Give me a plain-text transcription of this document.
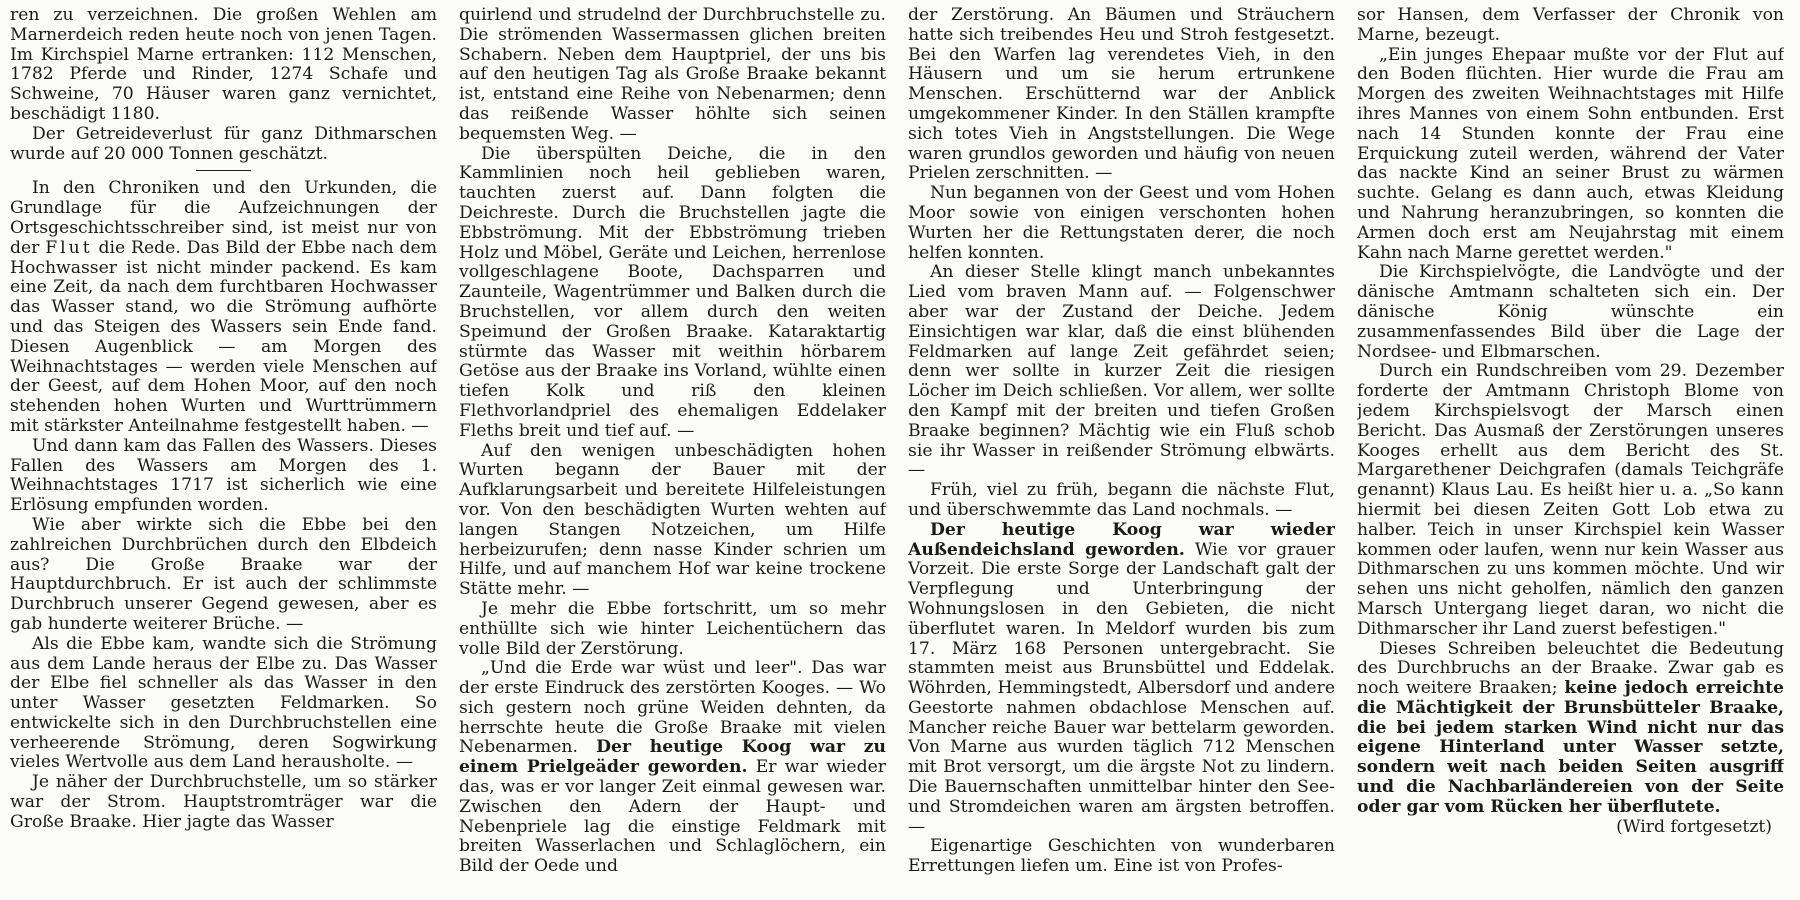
ren zu verzeichnen. Die großen Wehlen am Marnerdeich reden heute noch von jenen Tagen. Im Kirchspiel Marne ertranken: 112 Menschen, 1782 Pferde und Rinder, 1274 Schafe und Schweine, 70 Häuser waren ganz vernichtet, beschädigt 1180.

Der Getreideverlust für ganz Dithmarschen wurde auf 20 000 Tonnen geschätzt.

In den Chroniken und den Urkunden, die Grundlage für die Aufzeichnungen der Ortsgeschichtsschreiber sind, ist meist nur von der Flut die Rede. Das Bild der Ebbe nach dem Hochwasser ist nicht minder packend. Es kam eine Zeit, da nach dem furchtbaren Hochwasser das Wasser stand, wo die Strömung aufhörte und das Steigen des Wassers sein Ende fand. Diesen Augenblick — am Morgen des Weihnachtstages — werden viele Menschen auf der Geest, auf dem Hohen Moor, auf den noch stehenden hohen Wurten und Wurttrümmern mit stärkster Anteilnahme festgestellt haben. —

Und dann kam das Fallen des Wassers. Dieses Fallen des Wassers am Morgen des 1. Weihnachtstages 1717 ist sicherlich wie eine Erlösung empfunden worden.

Wie aber wirkte sich die Ebbe bei den zahlreichen Durchbrüchen durch den Elbdeich aus? Die Große Braake war der Hauptdurchbruch. Er ist auch der schlimmste Durchbruch unserer Gegend gewesen, aber es gab hunderte weiterer Brüche. —

Als die Ebbe kam, wandte sich die Strömung aus dem Lande heraus der Elbe zu. Das Wasser der Elbe fiel schneller als das Wasser in den unter Wasser gesetzten Feldmarken. So entwickelte sich in den Durchbruchstellen eine verheerende Strömung, deren Sogwirkung vieles Wertvolle aus dem Land herausholte. —

Je näher der Durchbruchstelle, um so stärker war der Strom. Hauptstromträger war die Große Braake. Hier jagte das Wasser

quirlend und strudelnd der Durchbruchstelle zu. Die strömenden Wassermassen glichen breiten Schabern. Neben dem Hauptpriel, der uns bis auf den heutigen Tag als Große Braake bekannt ist, entstand eine Reihe von Nebenarmen; denn das reißende Wasser höhlte sich seinen bequemsten Weg. —

Die überspülten Deiche, die in den Kammlinien noch heil geblieben waren, tauchten zuerst auf. Dann folgten die Deichreste. Durch die Bruchstellen jagte die Ebbströmung. Mit der Ebbströmung trieben Holz und Möbel, Geräte und Leichen, herrenlose vollgeschlagene Boote, Dachsparren und Zaunteile, Wagentrümmer und Balken durch die Bruchstellen, vor allem durch den weiten Speimund der Großen Braake. Kataraktartig stürmte das Wasser mit weithin hörbarem Getöse aus der Braake ins Vorland, wühlte einen tiefen Kolk und riß den kleinen Flethvorlandpriel des ehemaligen Eddelaker Fleths breit und tief auf. —

Auf den wenigen unbeschädigten hohen Wurten begann der Bauer mit der Aufklarungsarbeit und bereitete Hilfeleistungen vor. Von den beschädigten Wurten wehten auf langen Stangen Notzeichen, um Hilfe herbeizurufen; denn nasse Kinder schrien um Hilfe, und auf manchem Hof war keine trockene Stätte mehr. —

Je mehr die Ebbe fortschritt, um so mehr enthüllte sich wie hinter Leichentüchern das volle Bild der Zerstörung.

„Und die Erde war wüst und leer". Das war der erste Eindruck des zerstörten Kooges. — Wo sich gestern noch grüne Weiden dehnten, da herrschte heute die Große Braake mit vielen Nebenarmen. Der heutige Koog war zu einem Prielgeäder geworden. Er war wieder das, was er vor langer Zeit einmal gewesen war. Zwischen den Adern der Haupt- und Nebenpriele lag die einstige Feldmark mit breiten Wasserlachen und Schlaglöchern, ein Bild der Oede und

der Zerstörung. An Bäumen und Sträuchern hatte sich treibendes Heu und Stroh festgesetzt. Bei den Warfen lag verendetes Vieh, in den Häusern und um sie herum ertrunkene Menschen. Erschütternd war der Anblick umgekommener Kinder. In den Ställen krampfte sich totes Vieh in Angststellungen. Die Wege waren grundlos geworden und häufig von neuen Prielen zerschnitten. —

Nun begannen von der Geest und vom Hohen Moor sowie von einigen verschonten hohen Wurten her die Rettungstaten derer, die noch helfen konnten.

An dieser Stelle klingt manch unbekanntes Lied vom braven Mann auf. — Folgenschwer aber war der Zustand der Deiche. Jedem Einsichtigen war klar, daß die einst blühenden Feldmarken auf lange Zeit gefährdet seien; denn wer sollte in kurzer Zeit die riesigen Löcher im Deich schließen. Vor allem, wer sollte den Kampf mit der breiten und tiefen Großen Braake beginnen? Mächtig wie ein Fluß schob sie ihr Wasser in reißender Strömung elbwärts. —

Früh, viel zu früh, begann die nächste Flut, und überschwemmte das Land nochmals. —

Der heutige Koog war wieder Außendeichsland geworden. Wie vor grauer Vorzeit. Die erste Sorge der Landschaft galt der Verpflegung und Unterbringung der Wohnungslosen in den Gebieten, die nicht überflutet waren. In Meldorf wurden bis zum 17. März 168 Personen untergebracht. Sie stammten meist aus Brunsbüttel und Eddelak. Wöhrden, Hemmingstedt, Albersdorf und andere Geestorte nahmen obdachlose Menschen auf. Mancher reiche Bauer war bettelarm geworden. Von Marne aus wurden täglich 712 Menschen mit Brot versorgt, um die ärgste Not zu lindern. Die Bauernschaften unmittelbar hinter den See- und Stromdeichen waren am ärgsten betroffen. —

Eigenartige Geschichten von wunderbaren Errettungen liefen um. Eine ist von Profes-

sor Hansen, dem Verfasser der Chronik von Marne, bezeugt.

„Ein junges Ehepaar mußte vor der Flut auf den Boden flüchten. Hier wurde die Frau am Morgen des zweiten Weihnachtstages mit Hilfe ihres Mannes von einem Sohn entbunden. Erst nach 14 Stunden konnte der Frau eine Erquickung zuteil werden, während der Vater das nackte Kind an seiner Brust zu wärmen suchte. Gelang es dann auch, etwas Kleidung und Nahrung heranzubringen, so konnten die Armen doch erst am Neujahrstag mit einem Kahn nach Marne gerettet werden."

Die Kirchspielvögte, die Landvögte und der dänische Amtmann schalteten sich ein. Der dänische König wünschte ein zusammenfassendes Bild über die Lage der Nordsee- und Elbmarschen.

Durch ein Rundschreiben vom 29. Dezember forderte der Amtmann Christoph Blome von jedem Kirchspielsvogt der Marsch einen Bericht. Das Ausmaß der Zerstörungen unseres Kooges erhellt aus dem Bericht des St. Margarethener Deichgrafen (damals Teichgräfe genannt) Klaus Lau. Es heißt hier u. a. „So kann hiermit bei diesen Zeiten Gott Lob etwa zu halber. Teich in unser Kirchspiel kein Wasser kommen oder laufen, wenn nur kein Wasser aus Dithmarschen zu uns kommen möchte. Und wir sehen uns nicht geholfen, nämlich den ganzen Marsch Untergang lieget daran, wo nicht die Dithmarscher ihr Land zuerst befestigen."

Dieses Schreiben beleuchtet die Bedeutung des Durchbruchs an der Braake. Zwar gab es noch weitere Braaken; keine jedoch erreichte die Mächtigkeit der Brunsbütteler Braake, die bei jedem starken Wind nicht nur das eigene Hinterland unter Wasser setzte, sondern weit nach beiden Seiten ausgriff und die Nachbarländereien von der Seite oder gar vom Rücken her überflutete.

(Wird fortgesetzt)
